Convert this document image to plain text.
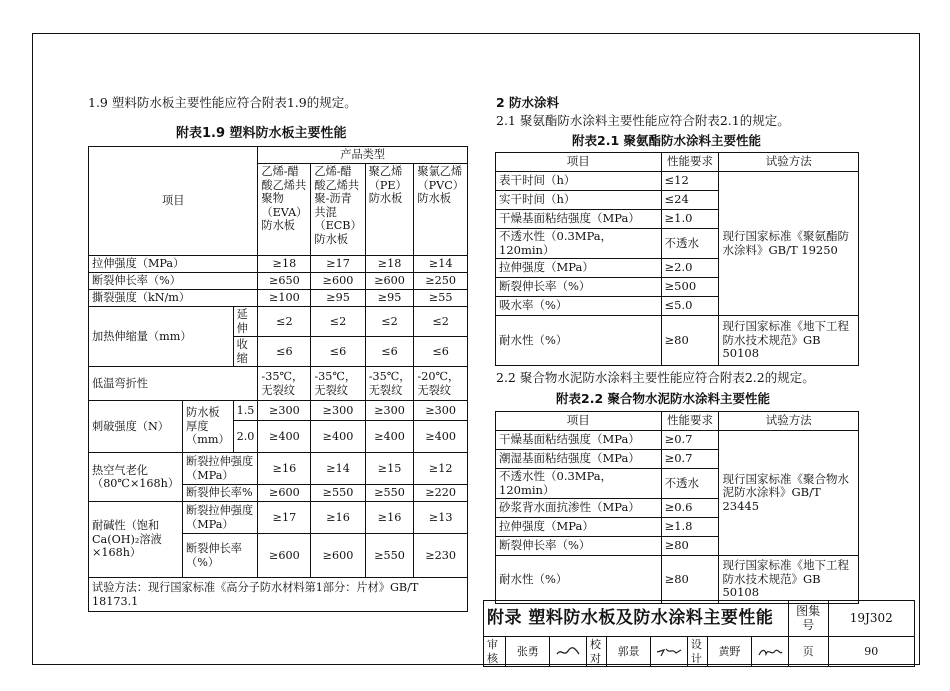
1.9 塑料防水板主要性能应符合附表1.9的规定。
附表1.9 塑料防水板主要性能
项目			产品类型			
			乙烯-醋酸乙烯共聚物（EVA）防水板	乙烯-醋酸乙烯共聚-沥青共混（ECB）防水板	聚乙烯（PE）防水板	聚氯乙烯（PVC）防水板
拉伸强度（MPa）			≥18	≥17	≥18	≥14
断裂伸长率（%）			≥650	≥600	≥600	≥250
撕裂强度（kN/m）			≥100	≥95	≥95	≥55
加热伸缩量（mm）		延伸	≤2	≤2	≤2	≤2
		收缩	≤6	≤6	≤6	≤6
低温弯折性			-35℃，无裂纹	-35℃，无裂纹	-35℃，无裂纹	-20℃，无裂纹
刺破强度（N）	防水板厚度（mm）	1.5	≥300	≥300	≥300	≥300
		2.0	≥400	≥400	≥400	≥400
热空气老化（80℃×168h）	断裂拉伸强度（MPa）		≥16	≥14	≥15	≥12
	断裂伸长率%		≥600	≥550	≥550	≥220
耐碱性（饱和Ca(OH)₂溶液×168h）	断裂拉伸强度（MPa）		≥17	≥16	≥16	≥13
	断裂伸长率（%）		≥600	≥600	≥550	≥230
试验方法：现行国家标准《高分子防水材料第1部分：片材》GB/T 18173.1						
2 防水涂料
2.1 聚氨酯防水涂料主要性能应符合附表2.1的规定。
附表2.1 聚氨酯防水涂料主要性能
项目	性能要求	试验方法
表干时间（h）	≤12	现行国家标准《聚氨酯防水涂料》GB/T 19250
实干时间（h）	≤24	
干燥基面粘结强度（MPa）	≥1.0	
不透水性（0.3MPa，120min）	不透水	
拉伸强度（MPa）	≥2.0	
断裂伸长率（%）	≥500	
吸水率（%）	≤5.0	
耐水性（%）	≥80	现行国家标准《地下工程防水技术规范》GB 50108
2.2 聚合物水泥防水涂料主要性能应符合附表2.2的规定。
附表2.2 聚合物水泥防水涂料主要性能
项目	性能要求	试验方法
干燥基面粘结强度（MPa）	≥0.7	现行国家标准《聚合物水泥防水涂料》GB/T 23445
潮湿基面粘结强度（MPa）	≥0.7	
不透水性（0.3MPa，120min）	不透水	
砂浆背水面抗渗性（MPa）	≥0.6	
拉伸强度（MPa）	≥1.8	
断裂伸长率（%）	≥80	
耐水性（%）	≥80	现行国家标准《地下工程防水技术规范》GB 50108
附录 塑料防水板及防水涂料主要性能									图集号	19J302
审核	张勇		校对	郭景		设计	黄野		页	90
